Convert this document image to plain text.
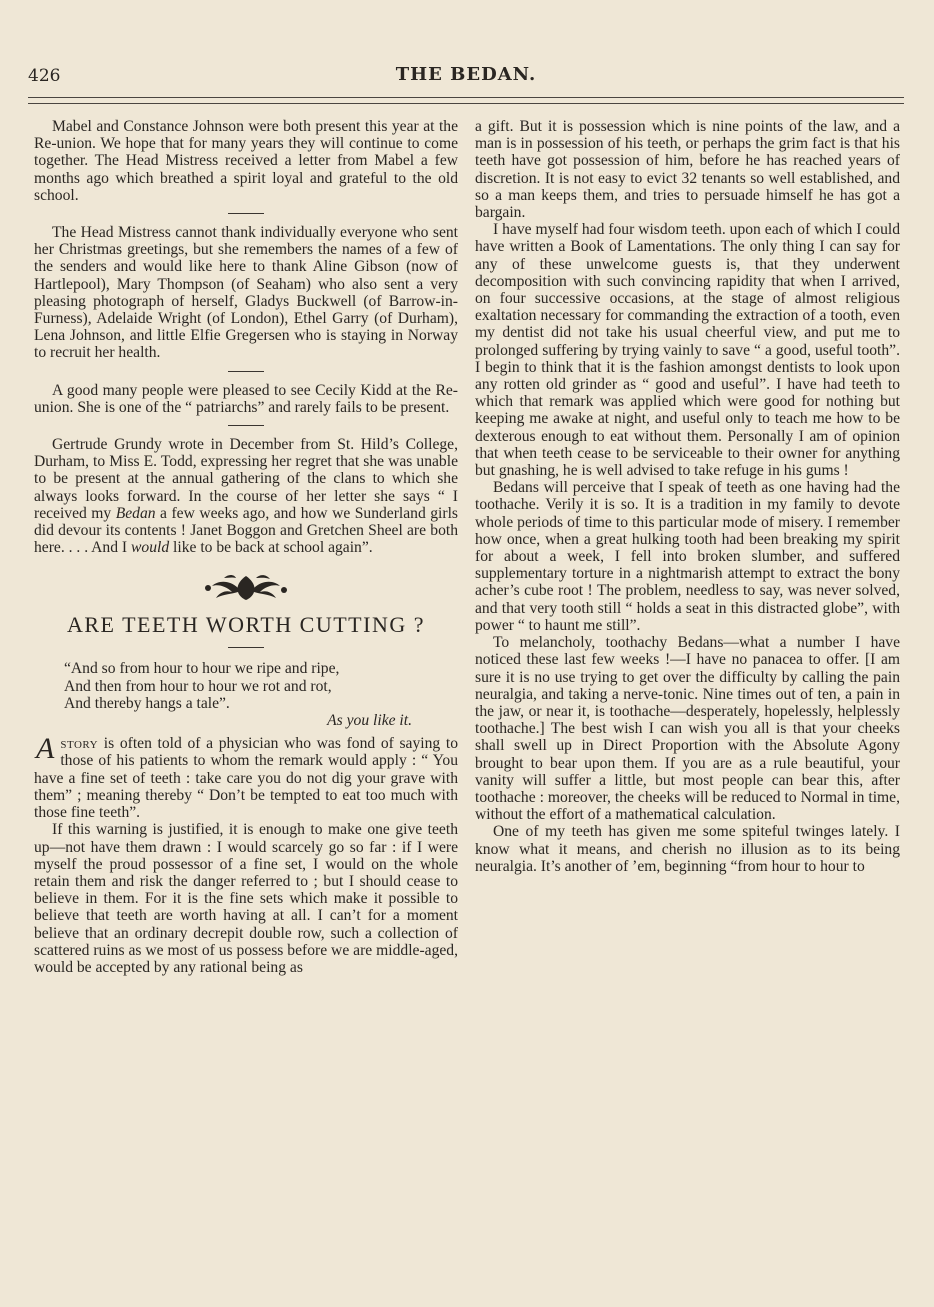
426	THE BEDAN.

Mabel and Constance Johnson were both present this year at the Re-union. We hope that for many years they will continue to come together. The Head Mistress received a letter from Mabel a few months ago which breathed a spirit loyal and grateful to the old school.

The Head Mistress cannot thank individually everyone who sent her Christmas greetings, but she remembers the names of a few of the senders and would like here to thank Aline Gibson (now of Hartlepool), Mary Thompson (of Seaham) who also sent a very pleasing photograph of herself, Gladys Buckwell (of Barrow-in-Furness), Adelaide Wright (of London), Ethel Garry (of Durham), Lena Johnson, and little Elfie Gregersen who is staying in Norway to recruit her health.

A good many people were pleased to see Cecily Kidd at the Re-union. She is one of the “ patriarchs” and rarely fails to be present.

Gertrude Grundy wrote in December from St. Hild’s College, Durham, to Miss E. Todd, expressing her regret that she was unable to be present at the annual gathering of the clans to which she always looks forward. In the course of her letter she says “ I received my Bedan a few weeks ago, and how we Sunderland girls did devour its contents ! Janet Boggon and Gretchen Sheel are both here. . . . And I would like to be back at school again”.

ARE TEETH WORTH CUTTING ?
“And so from hour to hour we ripe and ripe,
And then from hour to hour we rot and rot,
And thereby hangs a tale”.
As you like it.

Astory is often told of a physician who was fond of saying to those of his patients to whom the remark would apply : “ You have a fine set of teeth : take care you do not dig your grave with them” ; meaning thereby “ Don’t be tempted to eat too much with those fine teeth”.

If this warning is justified, it is enough to make one give teeth up—not have them drawn : I would scarcely go so far : if I were myself the proud possessor of a fine set, I would on the whole retain them and risk the danger referred to ; but I should cease to believe in them. For it is the fine sets which make it possible to believe that teeth are worth having at all. I can’t for a moment believe that an ordinary decrepit double row, such a collection of scattered ruins as we most of us possess before we are middle-aged, would be accepted by any rational being as

a gift. But it is possession which is nine points of the law, and a man is in possession of his teeth, or perhaps the grim fact is that his teeth have got possession of him, before he has reached years of discretion. It is not easy to evict 32 tenants so well established, and so a man keeps them, and tries to persuade himself he has got a bargain.

I have myself had four wisdom teeth. upon each of which I could have written a Book of Lamentations. The only thing I can say for any of these unwelcome guests is, that they underwent decomposition with such convincing rapidity that when I arrived, on four successive occasions, at the stage of almost religious exaltation necessary for commanding the extraction of a tooth, even my dentist did not take his usual cheerful view, and put me to prolonged suffering by trying vainly to save “ a good, useful tooth”. I begin to think that it is the fashion amongst dentists to look upon any rotten old grinder as “ good and useful”. I have had teeth to which that remark was applied which were good for nothing but keeping me awake at night, and useful only to teach me how to be dexterous enough to eat without them. Personally I am of opinion that when teeth cease to be serviceable to their owner for anything but gnashing, he is well advised to take refuge in his gums !

Bedans will perceive that I speak of teeth as one having had the toothache. Verily it is so. It is a tradition in my family to devote whole periods of time to this particular mode of misery. I remember how once, when a great hulking tooth had been breaking my spirit for about a week, I fell into broken slumber, and suffered supplementary torture in a nightmarish attempt to extract the bony acher’s cube root ! The problem, needless to say, was never solved, and that very tooth still “ holds a seat in this distracted globe”, with power “ to haunt me still”.

To melancholy, toothachy Bedans—what a number I have noticed these last few weeks !—I have no panacea to offer. [I am sure it is no use trying to get over the difficulty by calling the pain neuralgia, and taking a nerve-tonic. Nine times out of ten, a pain in the jaw, or near it, is toothache—desperately, hopelessly, helplessly toothache.] The best wish I can wish you all is that your cheeks shall swell up in Direct Proportion with the Absolute Agony brought to bear upon them. If you are as a rule beautiful, your vanity will suffer a little, but most people can bear this, after toothache : moreover, the cheeks will be reduced to Normal in time, without the effort of a mathematical calculation.

One of my teeth has given me some spiteful twinges lately. I know what it means, and cherish no illusion as to its being neuralgia. It’s another of ’em, beginning “from hour to hour to
